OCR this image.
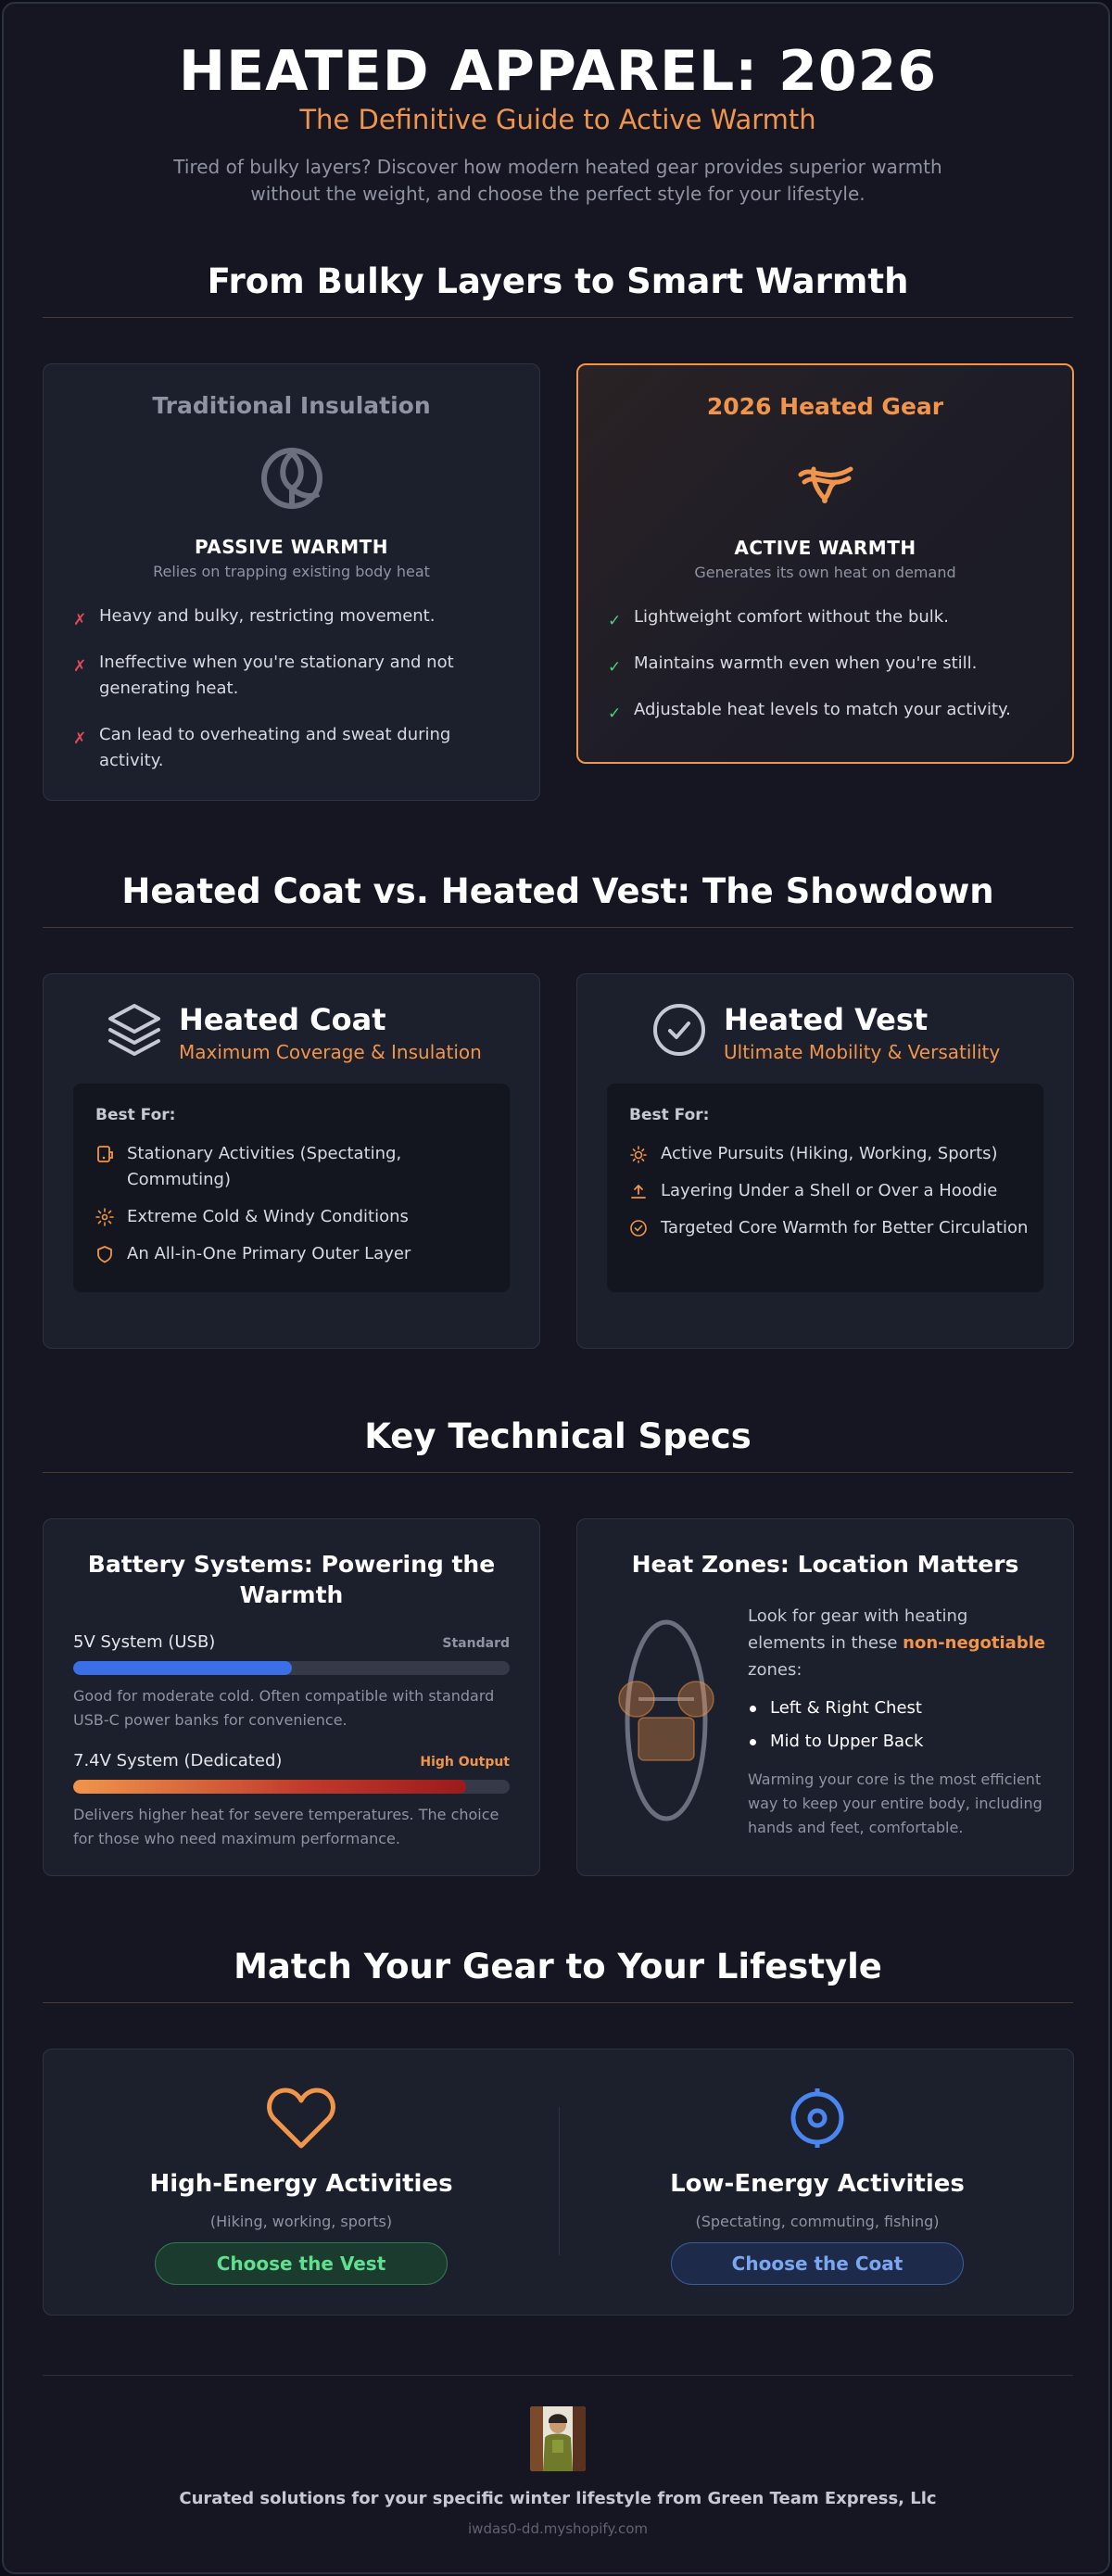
HEATED APPAREL: 2026
The Definitive Guide to Active Warmth
Tired of bulky layers? Discover how modern heated gear provides superior warmth without the weight, and choose the perfect style for your lifestyle.
From Bulky Layers to Smart Warmth
Traditional Insulation
PASSIVE WARMTH
Relies on trapping existing body heat
✗ Heavy and bulky, restricting movement.
✗ Ineffective when you're stationary and not generating heat.
✗ Can lead to overheating and sweat during activity.
2026 Heated Gear
ACTIVE WARMTH
Generates its own heat on demand
✓ Lightweight comfort without the bulk.
✓ Maintains warmth even when you're still.
✓ Adjustable heat levels to match your activity.
Heated Coat vs. Heated Vest: The Showdown
Heated Coat
Maximum Coverage & Insulation
Best For:
Stationary Activities (Spectating, Commuting)
Extreme Cold & Windy Conditions
An All-in-One Primary Outer Layer
Heated Vest
Ultimate Mobility & Versatility
Best For:
Active Pursuits (Hiking, Working, Sports)
Layering Under a Shell or Over a Hoodie
Targeted Core Warmth for Better Circulation
Key Technical Specs
Battery Systems: Powering the Warmth
5V System (USB)	Standard
Good for moderate cold. Often compatible with standard USB-C power banks for convenience.
7.4V System (Dedicated)	High Output
Delivers higher heat for severe temperatures. The choice for those who need maximum performance.
Heat Zones: Location Matters
Look for gear with heating elements in these non-negotiable zones:
Left & Right Chest
Mid to Upper Back
Warming your core is the most efficient way to keep your entire body, including hands and feet, comfortable.
Match Your Gear to Your Lifestyle
High-Energy Activities
(Hiking, working, sports)
Choose the Vest
Low-Energy Activities
(Spectating, commuting, fishing)
Choose the Coat
Curated solutions for your specific winter lifestyle from Green Team Express, Llc
iwdas0-dd.myshopify.com
